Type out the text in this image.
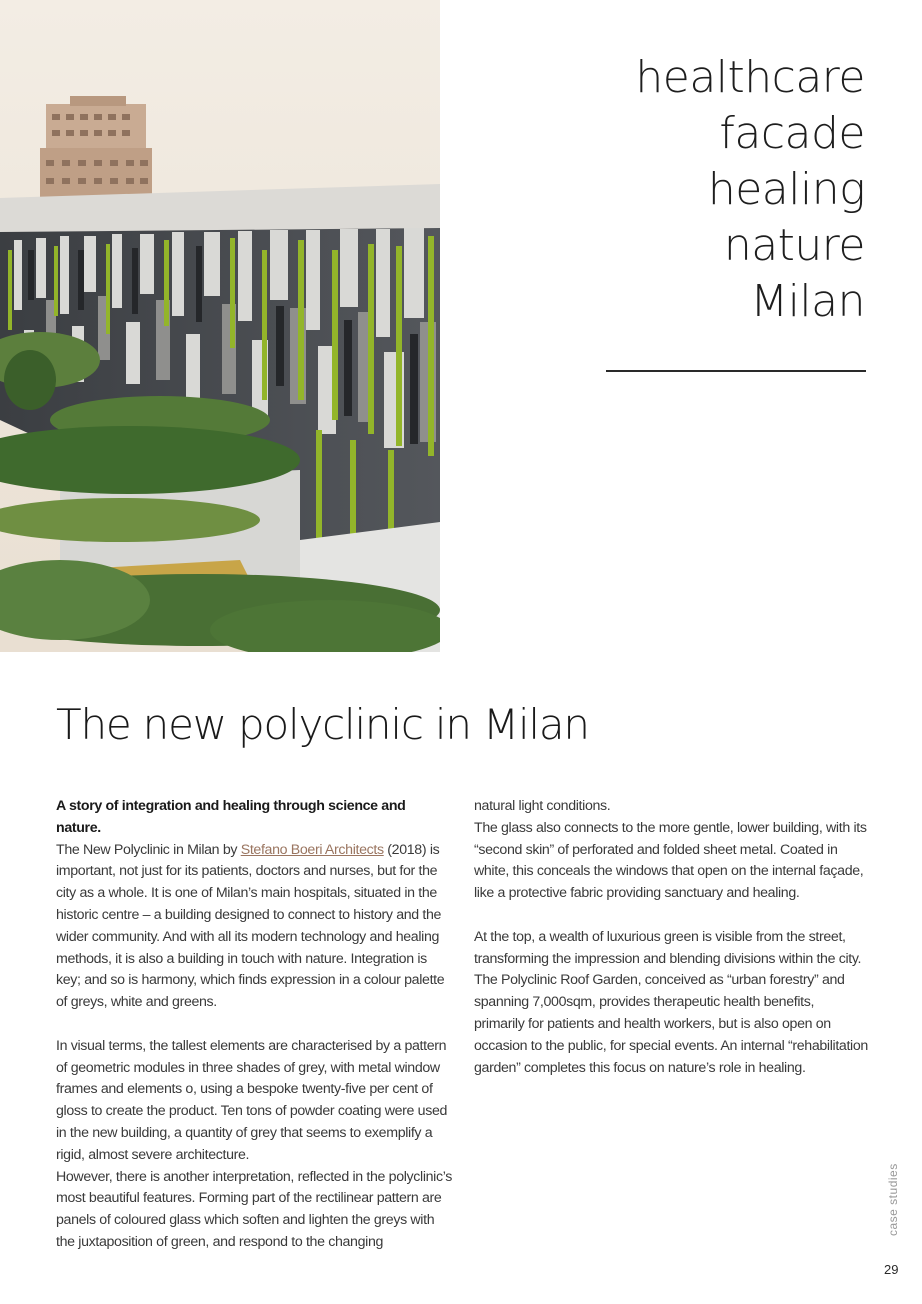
healthcare
facade
healing
nature
Milan
The new polyclinic in Milan

A story of integration and healing through science and nature.

The New Polyclinic in Milan by Stefano Boeri Architects (2018) is important, not just for its patients, doctors and nurses, but for the city as a whole. It is one of Milan’s main hospitals, situated in the historic centre – a building designed to connect to history and the wider community. And with all its modern technology and healing methods, it is also a building in touch with nature. Integration is key; and so is harmony, which finds expression in a colour palette of greys, white and greens.

In visual terms, the tallest elements are characterised by a pattern of geometric modules in three shades of grey, with metal window frames and elements o, using a bespoke twenty-five per cent of gloss to create the product. Ten tons of powder coating were used in the new building, a quantity of grey that seems to exemplify a rigid, almost severe architecture.

However, there is another interpretation, reflected in the polyclinic’s most beautiful features. Forming part of the rectilinear pattern are panels of coloured glass which soften and lighten the greys with the juxtaposition of green, and respond to the changing

natural light conditions.

The glass also connects to the more gentle, lower building, with its “second skin” of perforated and folded sheet metal. Coated in white, this conceals the windows that open on the internal façade, like a protective fabric providing sanctuary and healing.

At the top, a wealth of luxurious green is visible from the street, transforming the impression and blending divisions within the city. The Polyclinic Roof Garden, conceived as “urban forestry” and spanning 7,000sqm, provides therapeutic health benefits, primarily for patients and health workers, but is also open on occasion to the public, for special events. An internal “rehabilitation garden” completes this focus on nature’s role in healing.

case studies
29
